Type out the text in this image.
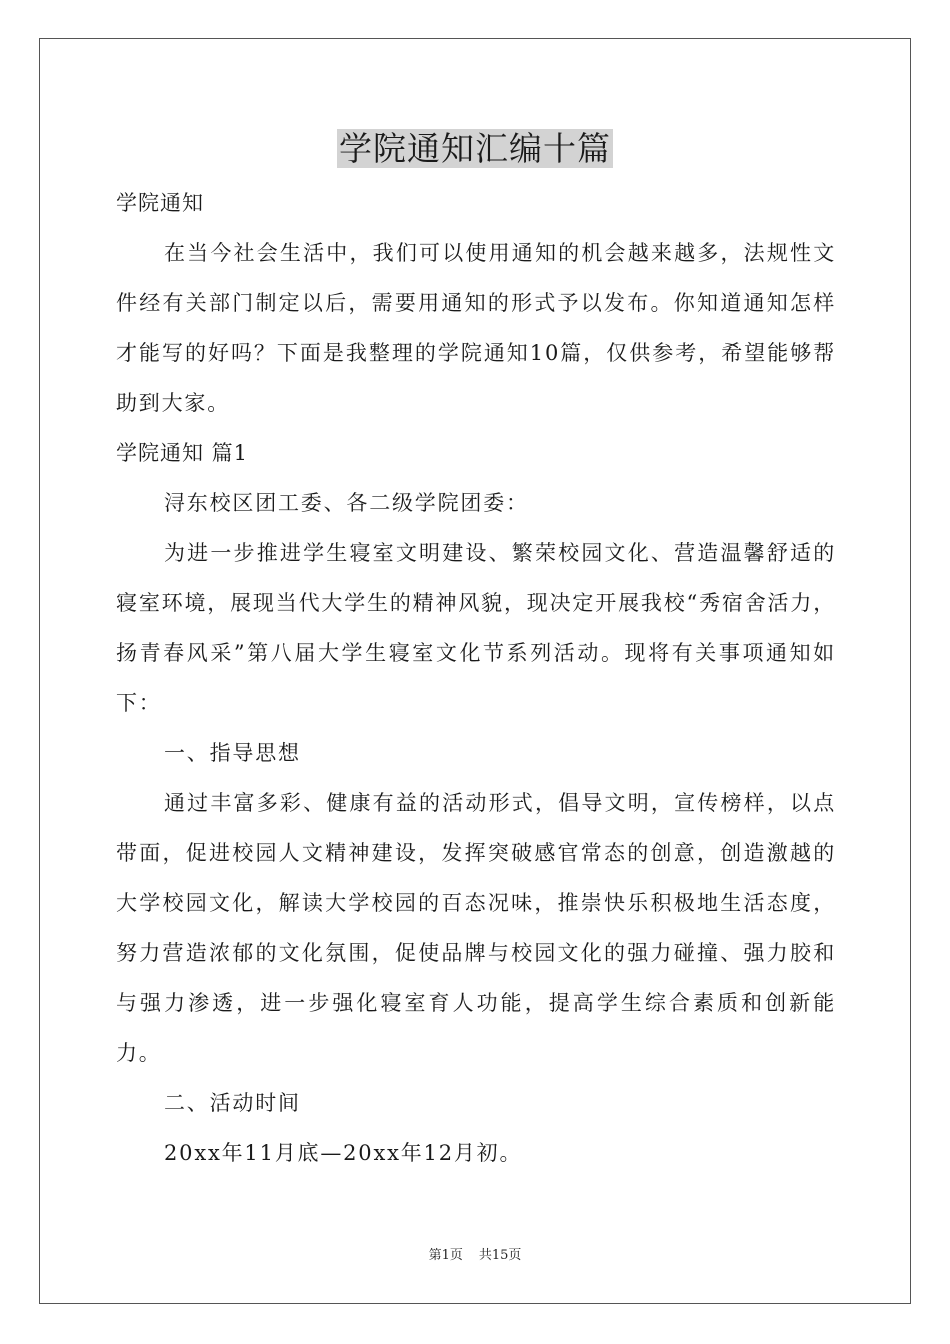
学院通知汇编十篇

学院通知

在当今社会生活中，我们可以使用通知的机会越来越多，法规性文件经有关部门制定以后，需要用通知的形式予以发布。你知道通知怎样才能写的好吗？下面是我整理的学院通知10篇，仅供参考，希望能够帮助到大家。

学院通知 篇1

浔东校区团工委、各二级学院团委：

为进一步推进学生寝室文明建设、繁荣校园文化、营造温馨舒适的寝室环境，展现当代大学生的精神风貌，现决定开展我校“秀宿舍活力，扬青春风采”第八届大学生寝室文化节系列活动。现将有关事项通知如下：

一、指导思想

通过丰富多彩、健康有益的活动形式，倡导文明，宣传榜样，以点带面，促进校园人文精神建设，发挥突破感官常态的创意，创造激越的大学校园文化，解读大学校园的百态况味，推崇快乐积极地生活态度，努力营造浓郁的文化氛围，促使品牌与校园文化的强力碰撞、强力胶和与强力渗透，进一步强化寝室育人功能，提高学生综合素质和创新能力。

二、活动时间

20xx年11月底—20xx年12月初。

第1页 共15页
